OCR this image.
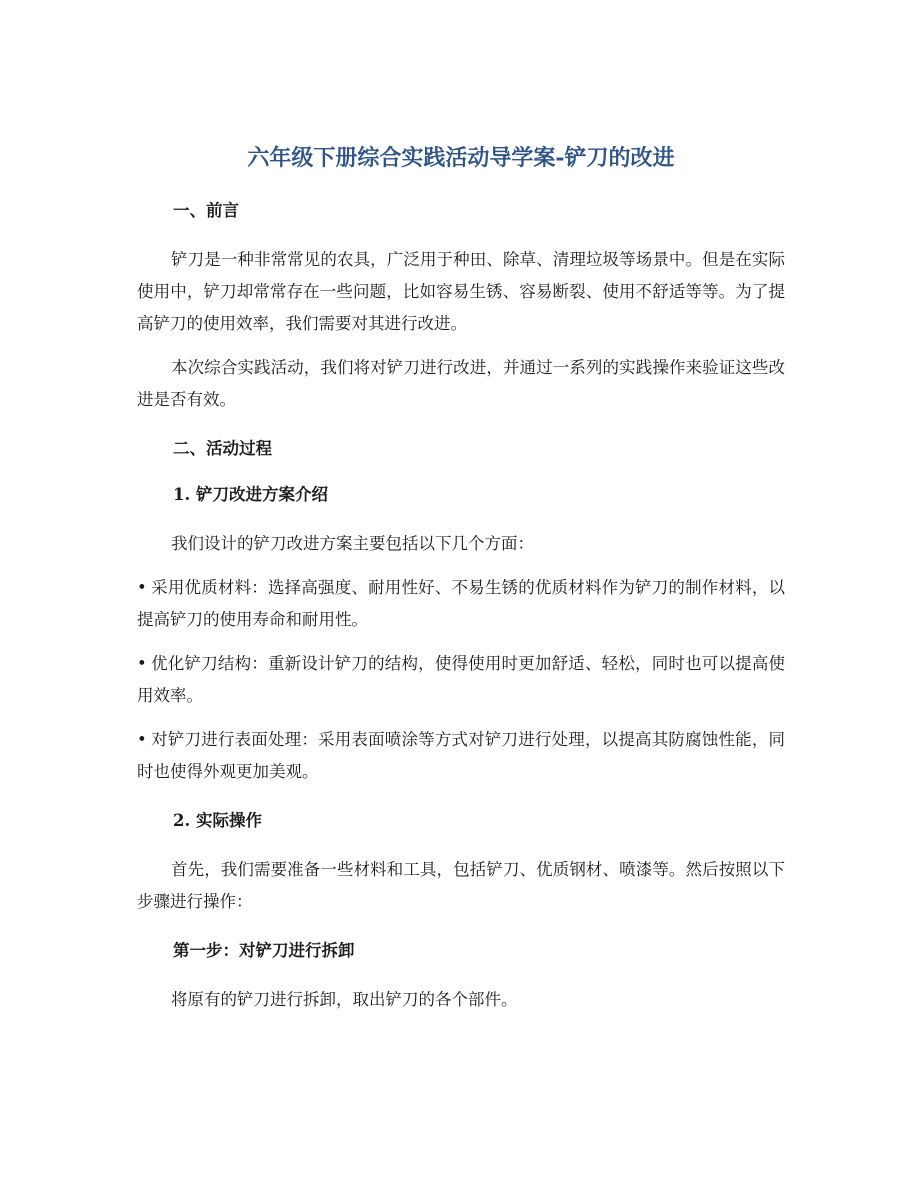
六年级下册综合实践活动导学案-铲刀的改进
一、前言
铲刀是一种非常常见的农具，广泛用于种田、除草、清理垃圾等场景中。但是在实际使用中，铲刀却常常存在一些问题，比如容易生锈、容易断裂、使用不舒适等等。为了提高铲刀的使用效率，我们需要对其进行改进。
本次综合实践活动，我们将对铲刀进行改进，并通过一系列的实践操作来验证这些改进是否有效。
二、活动过程
1. 铲刀改进方案介绍
我们设计的铲刀改进方案主要包括以下几个方面：
• 采用优质材料：选择高强度、耐用性好、不易生锈的优质材料作为铲刀的制作材料，以提高铲刀的使用寿命和耐用性。
• 优化铲刀结构：重新设计铲刀的结构，使得使用时更加舒适、轻松，同时也可以提高使用效率。
• 对铲刀进行表面处理：采用表面喷涂等方式对铲刀进行处理，以提高其防腐蚀性能，同时也使得外观更加美观。
2. 实际操作
首先，我们需要准备一些材料和工具，包括铲刀、优质钢材、喷漆等。然后按照以下步骤进行操作：
第一步：对铲刀进行拆卸
将原有的铲刀进行拆卸，取出铲刀的各个部件。
